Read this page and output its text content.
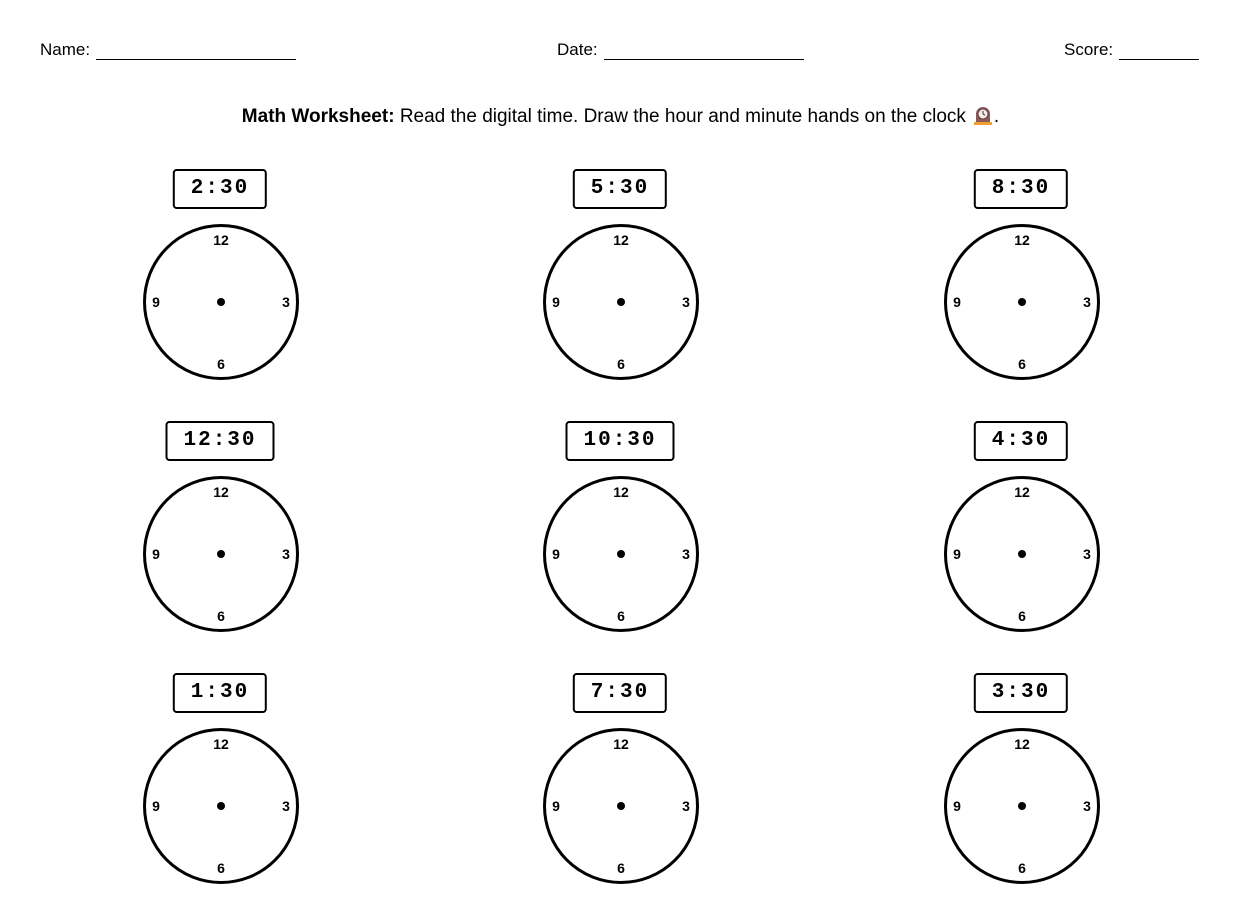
Name:	Date:	Score:
Math Worksheet: Read the digital time. Draw the hour and minute hands on the clock .
2:30
12
3
6
9
5:30
12
3
6
9
8:30
12
3
6
9
12:30
12
3
6
9
10:30
12
3
6
9
4:30
12
3
6
9
1:30
12
3
6
9
7:30
12
3
6
9
3:30
12
3
6
9
